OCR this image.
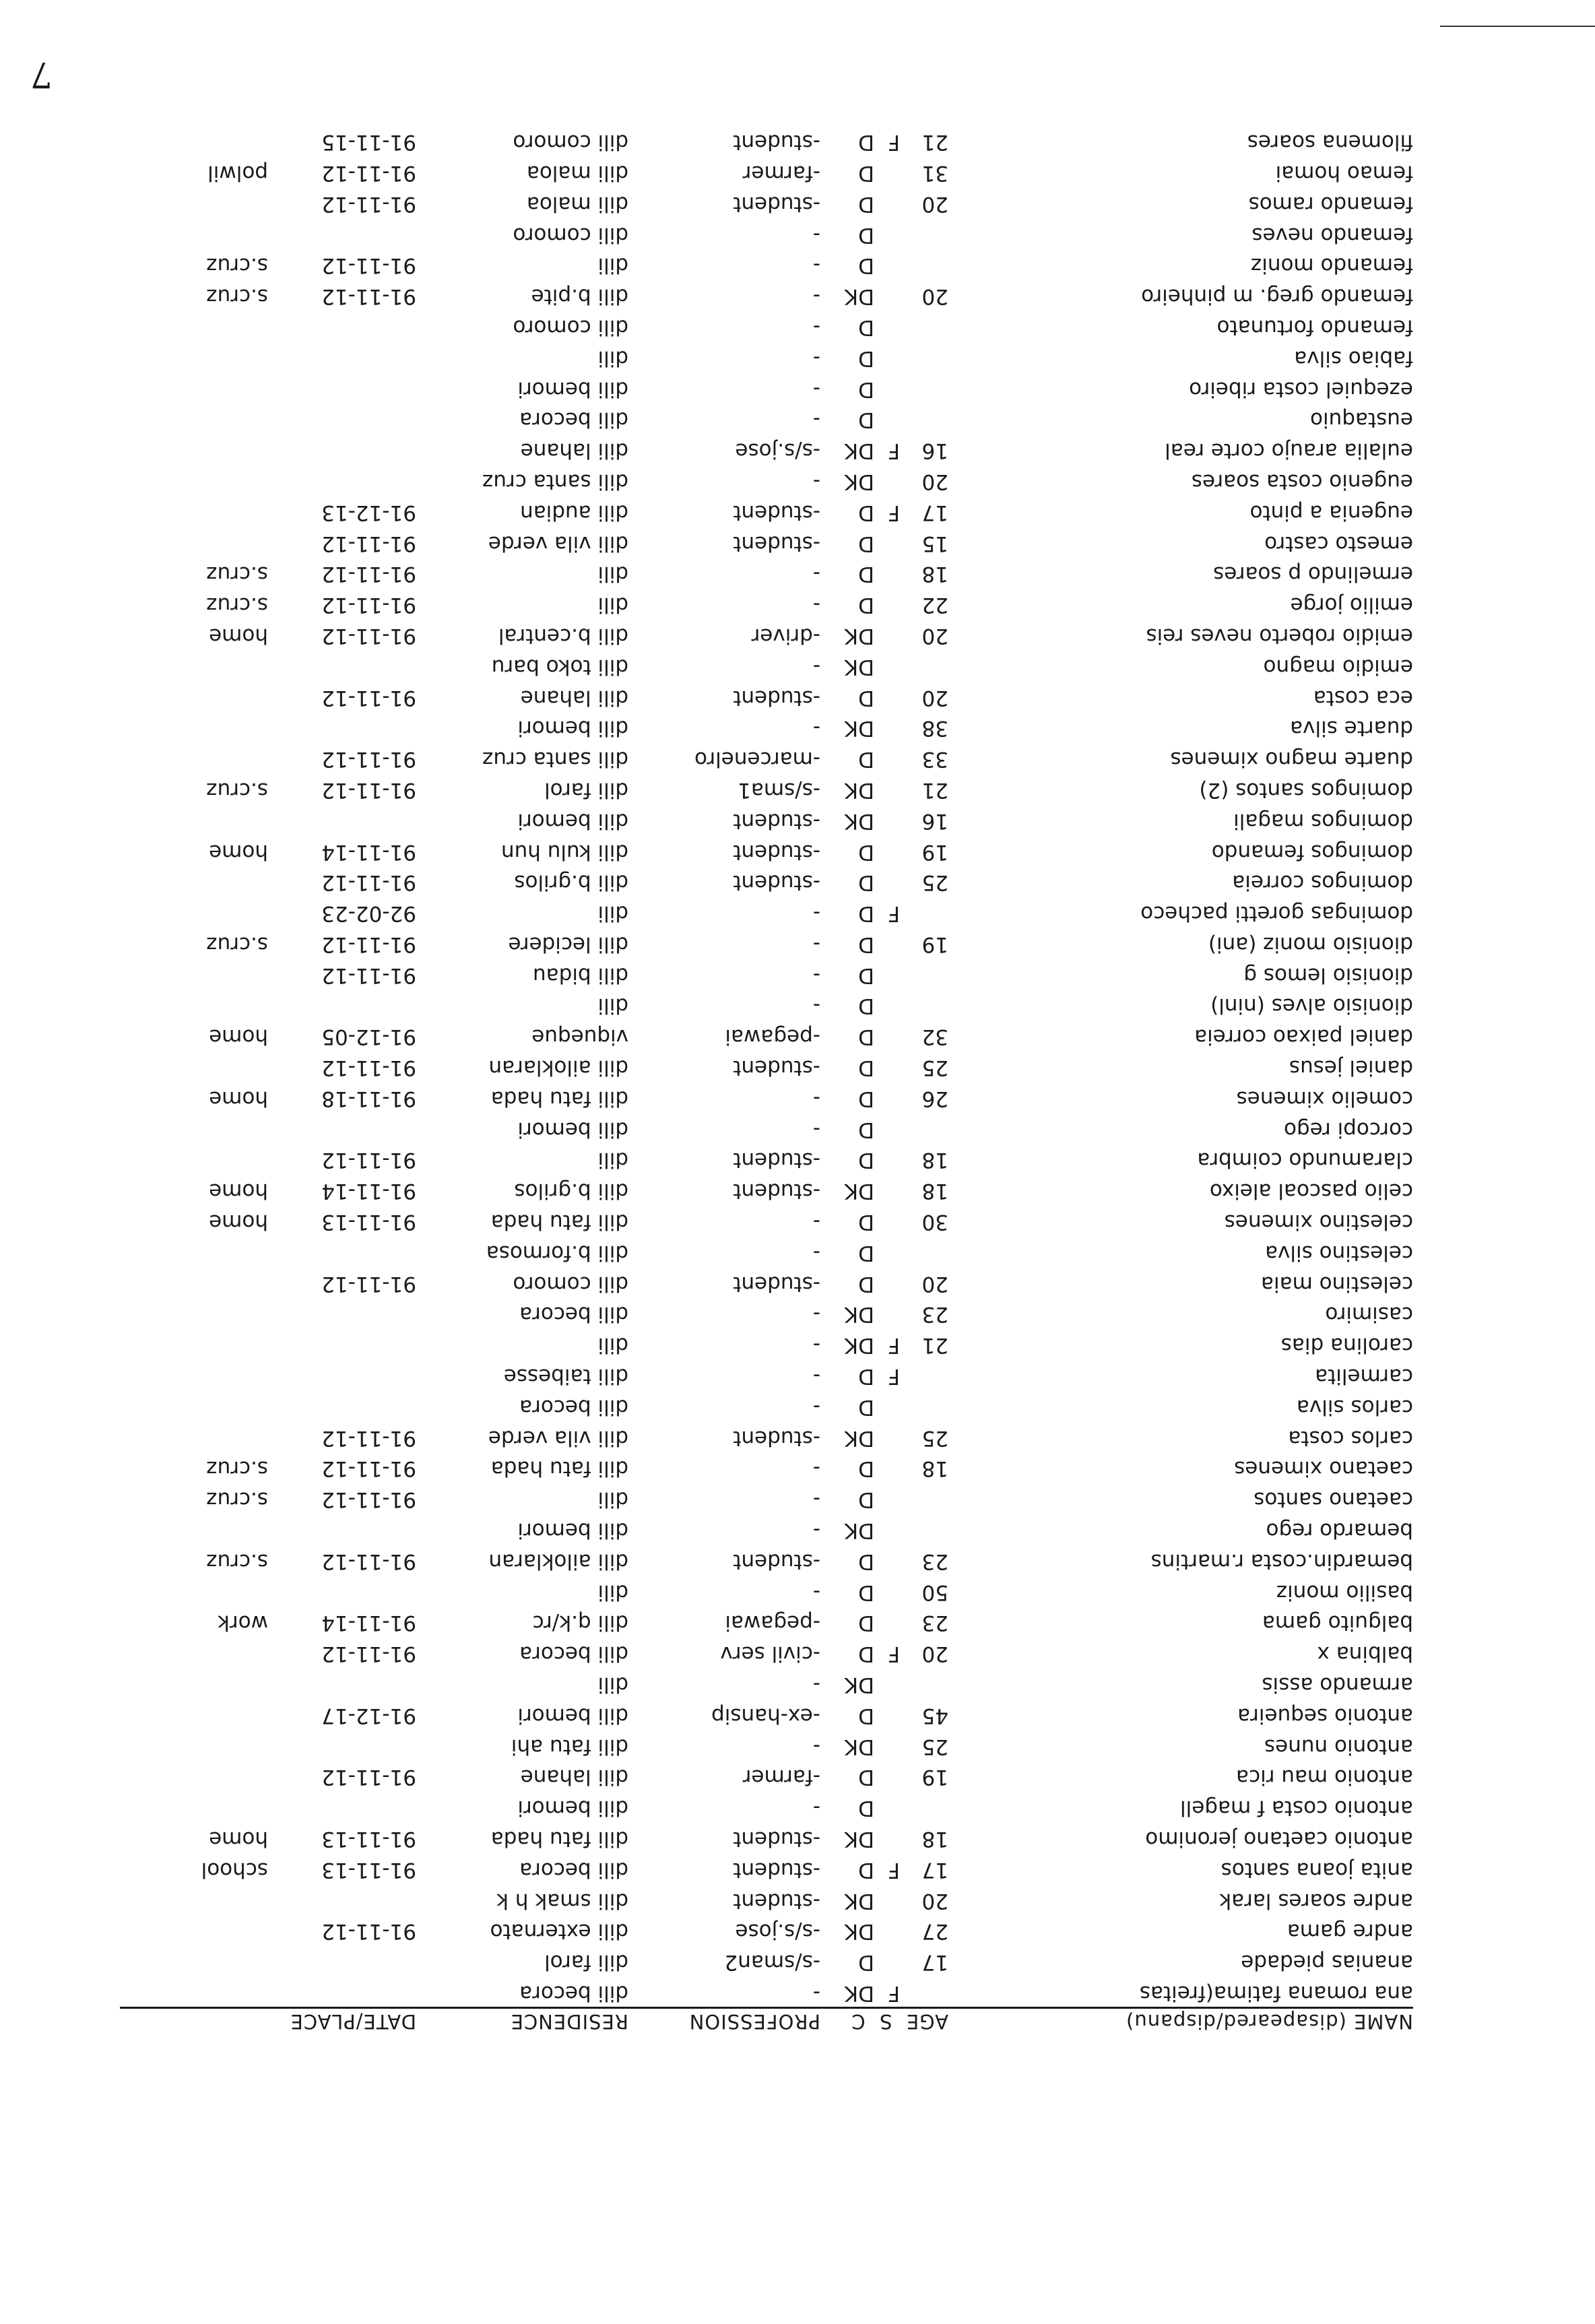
NAME (disapeared/dispanu)
AGE  S  C
PROFESSION
RESIDENCE
DATE/PLACE
ana romana fatima(freitas
F
DK
-
dili becora
ananias piedade
17
D
-s/sman2
dili farol
andre gama
27
DK
-s/s.jose
dili externato
91-11-12
andre soares larak
20
DK
-student
dili smak h k
anita joana santos
17
F
D
-student
dili becora
91-11-13
school
antonio caetano jeronimo
18
DK
-student
dili fatu hada
91-11-13
home
antonio costa f magell
D
-
dili bemori
antonio mau rica
19
D
-farmer
dili lahane
91-11-12
antonio nunes
25
DK
-
dili fatu ahi
antonio sequeira
45
D
-ex-hansip
dili bemori
91-12-17
armando assis
DK
-
dili
balbina x
20
F
D
-civil serv
dili becora
91-11-12
balguito gama
23
D
-pegawai
dili q.k/rc
91-11-14
work
basilio moniz
50
D
-
dili
bemardin.costa r.martins
23
D
-student
dili ailoklaran
91-11-12
s.cruz
bemardo rego
DK
-
dili bemori
caetano santos
D
-
dili
91-11-12
s.cruz
caetano ximenes
18
D
-
dili fatu hada
91-11-12
s.cruz
carlos costa
25
DK
-student
dili vila verde
91-11-12
carlos silva
D
-
dili becora
carmelita
F
D
-
dili taibesse
carolina dias
21
F
DK
-
dili
casimiro
23
DK
-
dili becora
celestino maia
20
D
-student
dili comoro
91-11-12
celestino silva
D
-
dili b.formosa
celestino ximenes
30
D
-
dili fatu hada
91-11-13
home
celio pascoal aleixo
18
DK
-student
dili b.grilos
91-11-14
home
claramundo coimbra
18
D
-student
dili
91-11-12
corcopi rego
D
-
dili bemori
comelio ximenes
26
D
-
dili fatu hada
91-11-18
home
daniel jesus
25
D
-student
dili ailoklaran
91-11-12
daniel paixao correia
32
D
-pegawai
viqueque
91-12-05
home
dionisio alves (ninl)
D
-
dili
dionisio lemos g
D
-
dili bidau
91-11-12
dionisio moniz (ani)
19
D
-
dili lecidere
91-11-12
s.cruz
domingas goretti pacheco
F
D
-
dili
92-02-23
domingos correia
25
D
-student
dili b.grilos
91-11-12
domingos femando
19
D
-student
dili kulu hun
91-11-14
home
domingos magali
16
DK
-student
dili bemori
domingos santos (2)
21
DK
-s/sma1
dili farol
91-11-12
s.cruz
duarte magno ximenes
33
D
-marcenelro
dili santa cruz
91-11-12
duarte silva
38
DK
-
dili bemori
eca costa
20
D
-student
dili lahane
91-11-12
emidio magno
DK
-
dili toko baru
emidio roberto neves reis
20
DK
-driver
dili b.central
91-11-12
home
emilio jorge
22
D
-
dili
91-11-12
s.cruz
ermelindo p soares
18
D
-
dili
91-11-12
s.cruz
emesto castro
15
D
-student
dili vila verde
91-11-12
eugenia a pinto
17
F
D
-student
dili audian
91-12-13
eugenio costa soares
20
DK
-
dili santa cruz
eulalia araujo corte real
16
F
DK
-s/s.jose
dili lahane
eustaquio
D
-
dili becora
ezequiel costa ribeiro
D
-
dili bemori
fabiao silva
D
-
dili
femando fortunato
D
-
dili comoro
femando greg. m pinheiro
20
DK
-
dili b.pite
91-11-12
s.cruz
femando moniz
D
-
dili
91-11-12
s.cruz
femando neves
D
-
dili comoro
femando ramos
20
D
-student
dili maloa
91-11-12
femao homai
31
D
-farmer
dili maloa
91-11-12
polwil
filomena soares
21
F
D
-student
dili comoro
91-11-15
7
